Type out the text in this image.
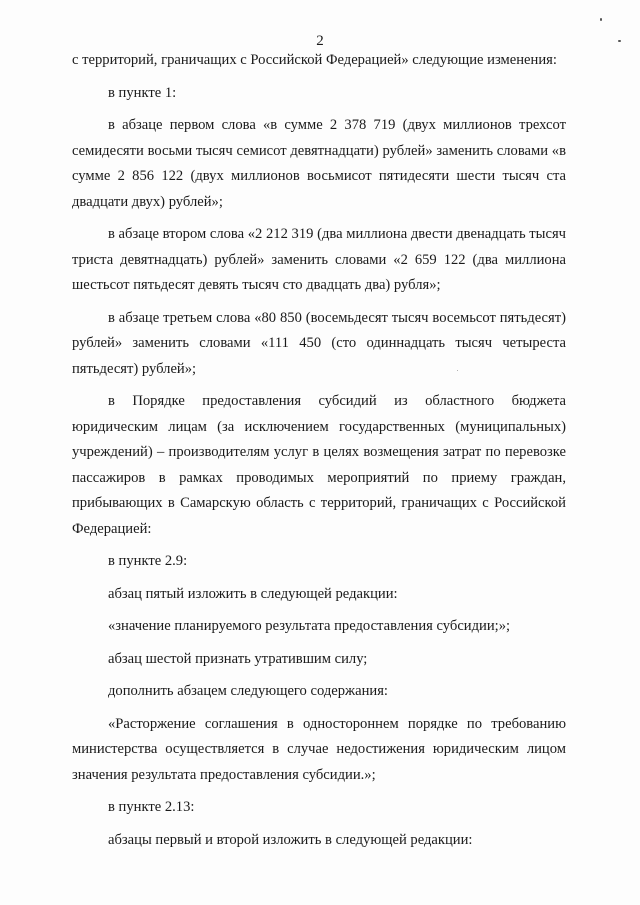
2

с территорий, граничащих с Российской Федерацией» следующие изменения:

в пункте 1:

в абзаце первом слова «в сумме 2 378 719 (двух миллионов трехсот семидесяти восьми тысяч семисот девятнадцати) рублей» заменить словами «в сумме 2 856 122 (двух миллионов восьмисот пятидесяти шести тысяч ста двадцати двух) рублей»;

в абзаце втором слова «2 212 319 (два миллиона двести двенадцать тысяч триста девятнадцать) рублей» заменить словами «2 659 122 (два миллиона шестьсот пятьдесят девять тысяч сто двадцать два) рубля»;

в абзаце третьем слова «80 850 (восемьдесят тысяч восемьсот пятьдесят) рублей» заменить словами «111 450 (сто одиннадцать тысяч четыреста пятьдесят) рублей»;

в Порядке предоставления субсидий из областного бюджета юридическим лицам (за исключением государственных (муниципальных) учреждений) – производителям услуг в целях возмещения затрат по перевозке пассажиров в рамках проводимых мероприятий по приему граждан, прибывающих в Самарскую область с территорий, граничащих с Российской Федерацией:

в пункте 2.9:

абзац пятый изложить в следующей редакции:

«значение планируемого результата предоставления субсидии;»;

абзац шестой признать утратившим силу;

дополнить абзацем следующего содержания:

«Расторжение соглашения в одностороннем порядке по требованию министерства осуществляется в случае недостижения юридическим лицом значения результата предоставления субсидии.»;

в пункте 2.13:

абзацы первый и второй изложить в следующей редакции:
